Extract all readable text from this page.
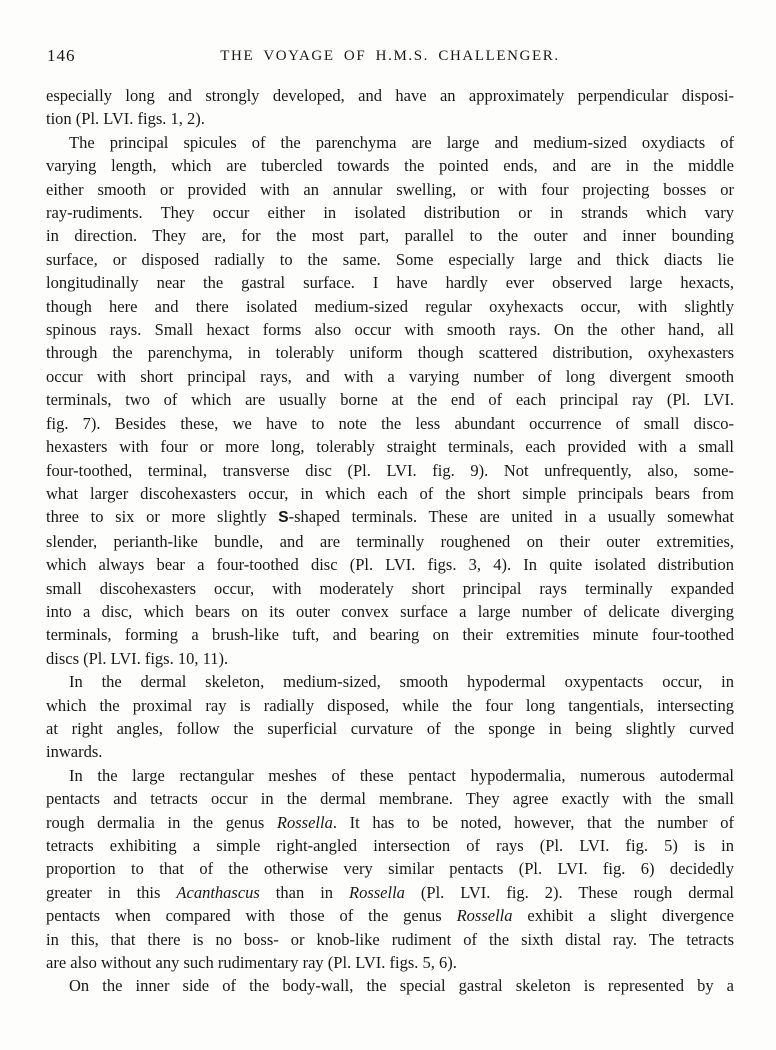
146	THE VOYAGE OF H.M.S. CHALLENGER.
especially long and strongly developed, and have an approximately perpendicular disposi-
tion (Pl. LVI. figs. 1, 2).
The principal spicules of the parenchyma are large and medium-sized oxydiacts of
varying length, which are tubercled towards the pointed ends, and are in the middle
either smooth or provided with an annular swelling, or with four projecting bosses or
ray-rudiments. They occur either in isolated distribution or in strands which vary
in direction. They are, for the most part, parallel to the outer and inner bounding
surface, or disposed radially to the same. Some especially large and thick diacts lie
longitudinally near the gastral surface. I have hardly ever observed large hexacts,
though here and there isolated medium-sized regular oxyhexacts occur, with slightly
spinous rays. Small hexact forms also occur with smooth rays. On the other hand, all
through the parenchyma, in tolerably uniform though scattered distribution, oxyhexasters
occur with short principal rays, and with a varying number of long divergent smooth
terminals, two of which are usually borne at the end of each principal ray (Pl. LVI.
fig. 7). Besides these, we have to note the less abundant occurrence of small disco-
hexasters with four or more long, tolerably straight terminals, each provided with a small
four-toothed, terminal, transverse disc (Pl. LVI. fig. 9). Not unfrequently, also, some-
what larger discohexasters occur, in which each of the short simple principals bears from
three to six or more slightly S-shaped terminals. These are united in a usually somewhat
slender, perianth-like bundle, and are terminally roughened on their outer extremities,
which always bear a four-toothed disc (Pl. LVI. figs. 3, 4). In quite isolated distribution
small discohexasters occur, with moderately short principal rays terminally expanded
into a disc, which bears on its outer convex surface a large number of delicate diverging
terminals, forming a brush-like tuft, and bearing on their extremities minute four-toothed
discs (Pl. LVI. figs. 10, 11).
In the dermal skeleton, medium-sized, smooth hypodermal oxypentacts occur, in
which the proximal ray is radially disposed, while the four long tangentials, intersecting
at right angles, follow the superficial curvature of the sponge in being slightly curved
inwards.
In the large rectangular meshes of these pentact hypodermalia, numerous autodermal
pentacts and tetracts occur in the dermal membrane. They agree exactly with the small
rough dermalia in the genus Rossella. It has to be noted, however, that the number of
tetracts exhibiting a simple right-angled intersection of rays (Pl. LVI. fig. 5) is in
proportion to that of the otherwise very similar pentacts (Pl. LVI. fig. 6) decidedly
greater in this Acanthascus than in Rossella (Pl. LVI. fig. 2). These rough dermal
pentacts when compared with those of the genus Rossella exhibit a slight divergence
in this, that there is no boss- or knob-like rudiment of the sixth distal ray. The tetracts
are also without any such rudimentary ray (Pl. LVI. figs. 5, 6).
On the inner side of the body-wall, the special gastral skeleton is represented by a
